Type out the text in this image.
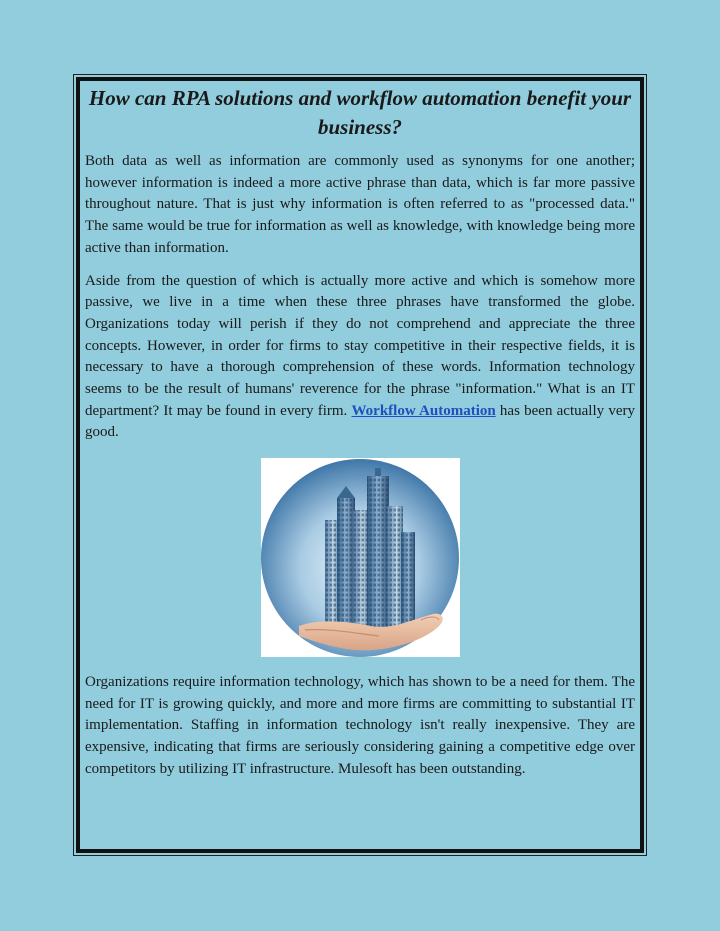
How can RPA solutions and workflow automation benefit your business?

Both data as well as information are commonly used as synonyms for one another; however information is indeed a more active phrase than data, which is far more passive throughout nature. That is just why information is often referred to as "processed data." The same would be true for information as well as knowledge, with knowledge being more active than information.

Aside from the question of which is actually more active and which is somehow more passive, we live in a time when these three phrases have transformed the globe. Organizations today will perish if they do not comprehend and appreciate the three concepts. However, in order for firms to stay competitive in their respective fields, it is necessary to have a thorough comprehension of these words. Information technology seems to be the result of humans' reverence for the phrase "information." What is an IT department? It may be found in every firm. Workflow Automation has been actually very good.

Organizations require information technology, which has shown to be a need for them. The need for IT is growing quickly, and more and more firms are committing to substantial IT implementation. Staffing in information technology isn't really inexpensive. They are expensive, indicating that firms are seriously considering gaining a competitive edge over competitors by utilizing IT infrastructure. Mulesoft has been outstanding.
